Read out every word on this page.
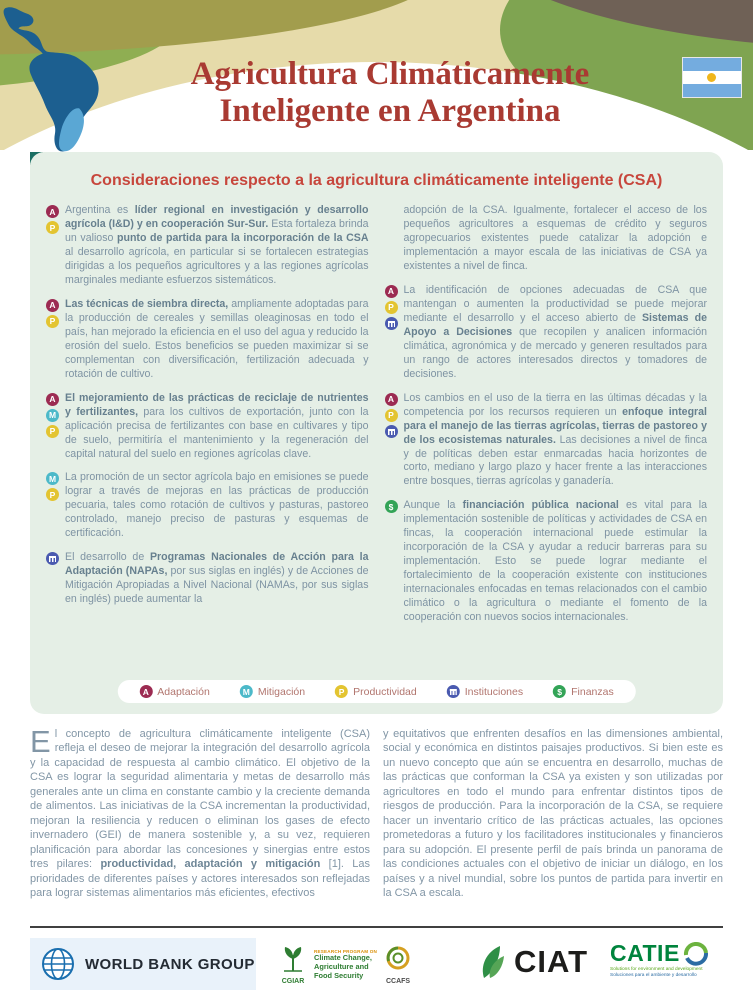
Agricultura Climáticamente
Inteligente en Argentina
Consideraciones respecto a la agricultura climáticamente inteligente (CSA)
A
P
Argentina es líder regional en investigación y desarrollo agrícola (I&D) y en cooperación Sur-Sur. Esta fortaleza brinda un valioso punto de partida para la incorporación de la CSA al desarrollo agrícola, en particular si se fortalecen estrategias dirigidas a los pequeños agricultores y a las regiones agrícolas marginales mediante esfuerzos sistemáticos.
A
P
Las técnicas de siembra directa, ampliamente adoptadas para la producción de cereales y semillas oleaginosas en todo el país, han mejorado la eficiencia en el uso del agua y reducido la erosión del suelo. Estos beneficios se pueden maximizar si se complementan con diversificación, fertilización adecuada y rotación de cultivo.
A
M
P
El mejoramiento de las prácticas de reciclaje de nutrientes y fertilizantes, para los cultivos de exportación, junto con la aplicación precisa de fertilizantes con base en cultivares y tipo de suelo, permitiría el mantenimiento y la regeneración del capital natural del suelo en regiones agrícolas clave.
M
P
La promoción de un sector agrícola bajo en emisiones se puede lograr a través de mejoras en las prácticas de producción pecuaria, tales como rotación de cultivos y pasturas, pastoreo controlado, manejo preciso de pasturas y esquemas de certificación.
El desarrollo de Programas Nacionales de Acción para la Adaptación (NAPAs, por sus siglas en inglés) y de Acciones de Mitigación Apropiadas a Nivel Nacional (NAMAs, por sus siglas en inglés) puede aumentar la
adopción de la CSA. Igualmente, fortalecer el acceso de los pequeños agricultores a esquemas de crédito y seguros agropecuarios existentes puede catalizar la adopción e implementación a mayor escala de las iniciativas de CSA ya existentes a nivel de finca.
A
P
La identificación de opciones adecuadas de CSA que mantengan o aumenten la productividad se puede mejorar mediante el desarrollo y el acceso abierto de Sistemas de Apoyo a Decisiones que recopilen y analicen información climática, agronómica y de mercado y generen resultados para un rango de actores interesados directos y tomadores de decisiones.
A
P
Los cambios en el uso de la tierra en las últimas décadas y la competencia por los recursos requieren un enfoque integral para el manejo de las tierras agrícolas, tierras de pastoreo y de los ecosistemas naturales. Las decisiones a nivel de finca y de políticas deben estar enmarcadas hacia horizontes de corto, mediano y largo plazo y hacer frente a las interacciones entre bosques, tierras agrícolas y ganadería.
$ Aunque la financiación pública nacional es vital para la implementación sostenible de políticas y actividades de CSA en fincas, la cooperación internacional puede estimular la incorporación de la CSA y ayudar a reducir barreras para su implementación. Esto se puede lograr mediante el fortalecimiento de la cooperación existente con instituciones internacionales enfocadas en temas relacionados con el cambio climático o la agricultura o mediante el fomento de la cooperación con nuevos socios internacionales.
A Adaptación	M Mitigación	P Productividad	Instituciones	$ Finanzas
El concepto de agricultura climáticamente inteligente (CSA) refleja el deseo de mejorar la integración del desarrollo agrícola y la capacidad de respuesta al cambio climático. El objetivo de la CSA es lograr la seguridad alimentaria y metas de desarrollo más generales ante un clima en constante cambio y la creciente demanda de alimentos. Las iniciativas de la CSA incrementan la productividad, mejoran la resiliencia y reducen o eliminan los gases de efecto invernadero (GEI) de manera sostenible y, a su vez, requieren planificación para abordar las concesiones y sinergias entre estos tres pilares: productividad, adaptación y mitigación [1]. Las prioridades de diferentes países y actores interesados son reflejadas para lograr sistemas alimentarios más eficientes, efectivos
y equitativos que enfrenten desafíos en las dimensiones ambiental, social y económica en distintos paisajes productivos. Si bien este es un nuevo concepto que aún se encuentra en desarrollo, muchas de las prácticas que conforman la CSA ya existen y son utilizadas por agricultores en todo el mundo para enfrentar distintos tipos de riesgos de producción. Para la incorporación de la CSA, se requiere hacer un inventario crítico de las prácticas actuales, las opciones prometedoras a futuro y los facilitadores institucionales y financieros para su adopción. El presente perfil de país brinda un panorama de las condiciones actuales con el objetivo de iniciar un diálogo, en los países y a nivel mundial, sobre los puntos de partida para invertir en la CSA a escala.
WORLD BANK GROUP
CGIAR
RESEARCH PROGRAM ON
Climate Change,
Agriculture and
Food Security
CCAFS
CIAT CATIE
Solutions for environment and development
Soluciones para el ambiente y desarrollo
